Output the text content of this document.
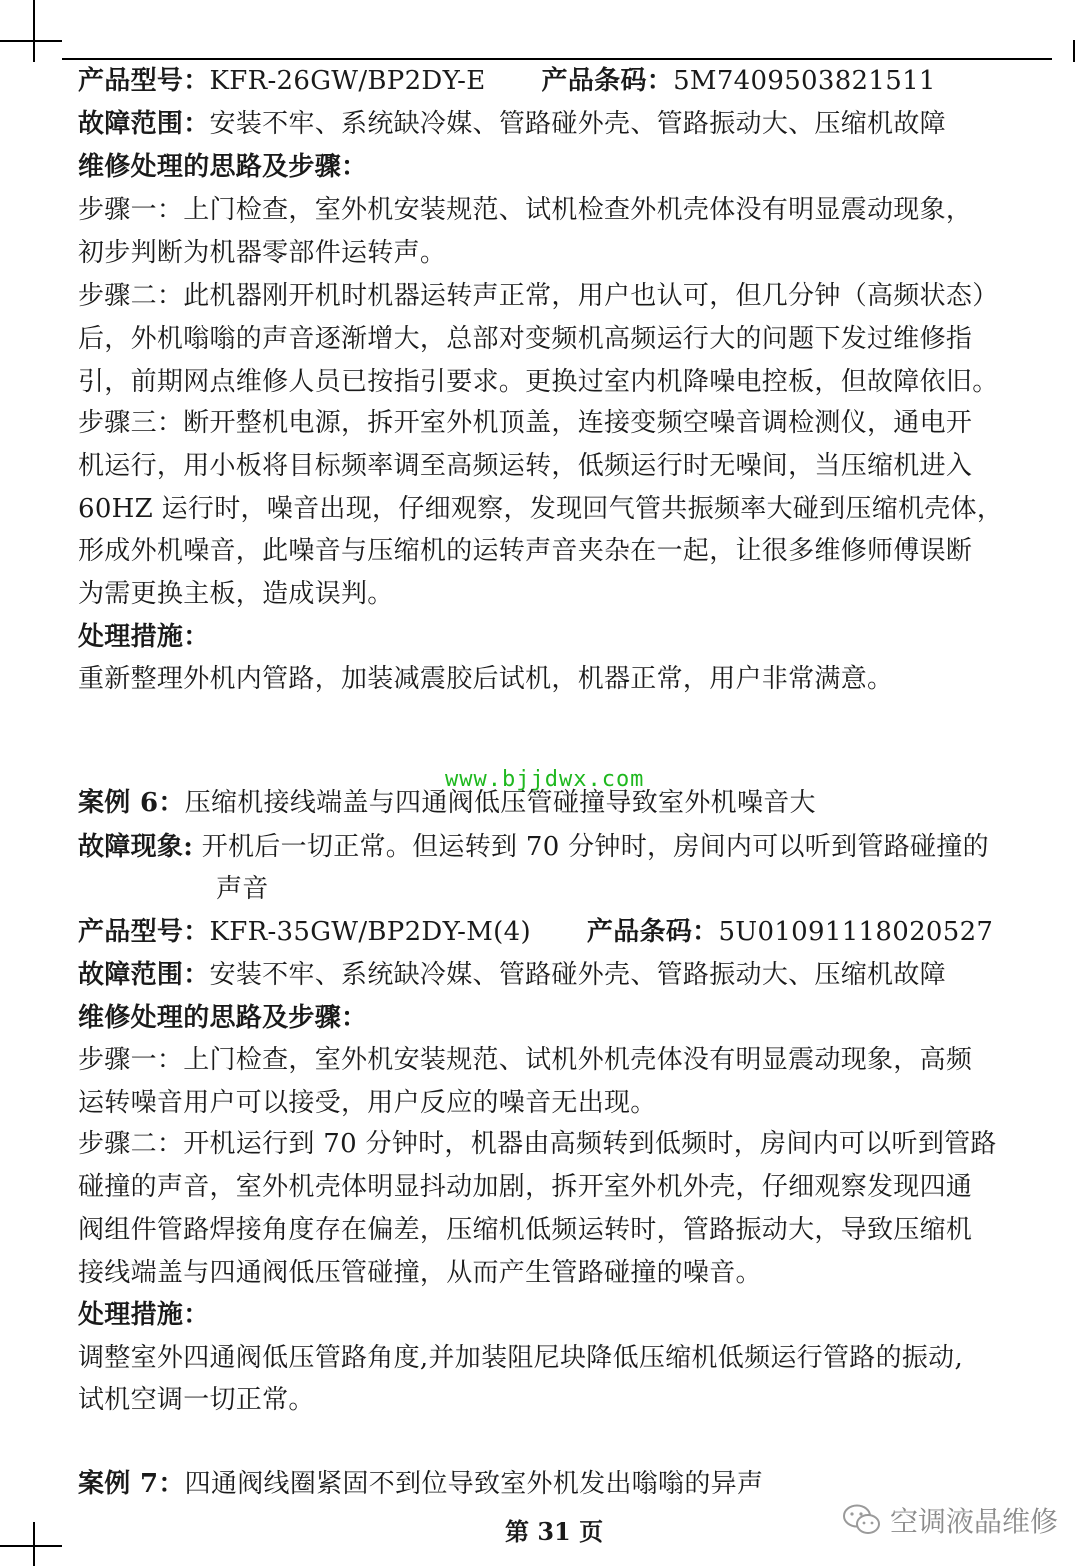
产品型号：KFR-26GW/BP2DY-E 产品条码：5M7409503821511
故障范围：安装不牢、系统缺冷媒、管路碰外壳、管路振动大、压缩机故障
维修处理的思路及步骤：
步骤一：上门检查，室外机安装规范、试机检查外机壳体没有明显震动现象，
初步判断为机器零部件运转声。
步骤二：此机器刚开机时机器运转声正常，用户也认可，但几分钟（高频状态）
后，外机嗡嗡的声音逐渐增大，总部对变频机高频运行大的问题下发过维修指
引，前期网点维修人员已按指引要求。更换过室内机降噪电控板，但故障依旧。
步骤三：断开整机电源，拆开室外机顶盖，连接变频空噪音调检测仪，通电开
机运行，用小板将目标频率调至高频运转，低频运行时无噪间，当压缩机进入
60HZ 运行时，噪音出现，仔细观察，发现回气管共振频率大碰到压缩机壳体，
形成外机噪音，此噪音与压缩机的运转声音夹杂在一起，让很多维修师傅误断
为需更换主板，造成误判。
处理措施：
重新整理外机内管路，加装减震胶后试机，机器正常，用户非常满意。
www.bjjdwx.com
案例 6：压缩机接线端盖与四通阀低压管碰撞导致室外机噪音大
故障现象: 开机后一切正常。但运转到 70 分钟时，房间内可以听到管路碰撞的
声音
产品型号：KFR-35GW/BP2DY-M(4) 产品条码：5U01091118020527
故障范围：安装不牢、系统缺冷媒、管路碰外壳、管路振动大、压缩机故障
维修处理的思路及步骤：
步骤一：上门检查，室外机安装规范、试机外机壳体没有明显震动现象，高频
运转噪音用户可以接受，用户反应的噪音无出现。
步骤二：开机运行到 70 分钟时，机器由高频转到低频时，房间内可以听到管路
碰撞的声音，室外机壳体明显抖动加剧，拆开室外机外壳，仔细观察发现四通
阀组件管路焊接角度存在偏差，压缩机低频运转时，管路振动大，导致压缩机
接线端盖与四通阀低压管碰撞，从而产生管路碰撞的噪音。
处理措施：
调整室外四通阀低压管路角度,并加装阻尼块降低压缩机低频运行管路的振动,
试机空调一切正常。
案例 7：四通阀线圈紧固不到位导致室外机发出嗡嗡的异声
第 31 页	空调液晶维修
